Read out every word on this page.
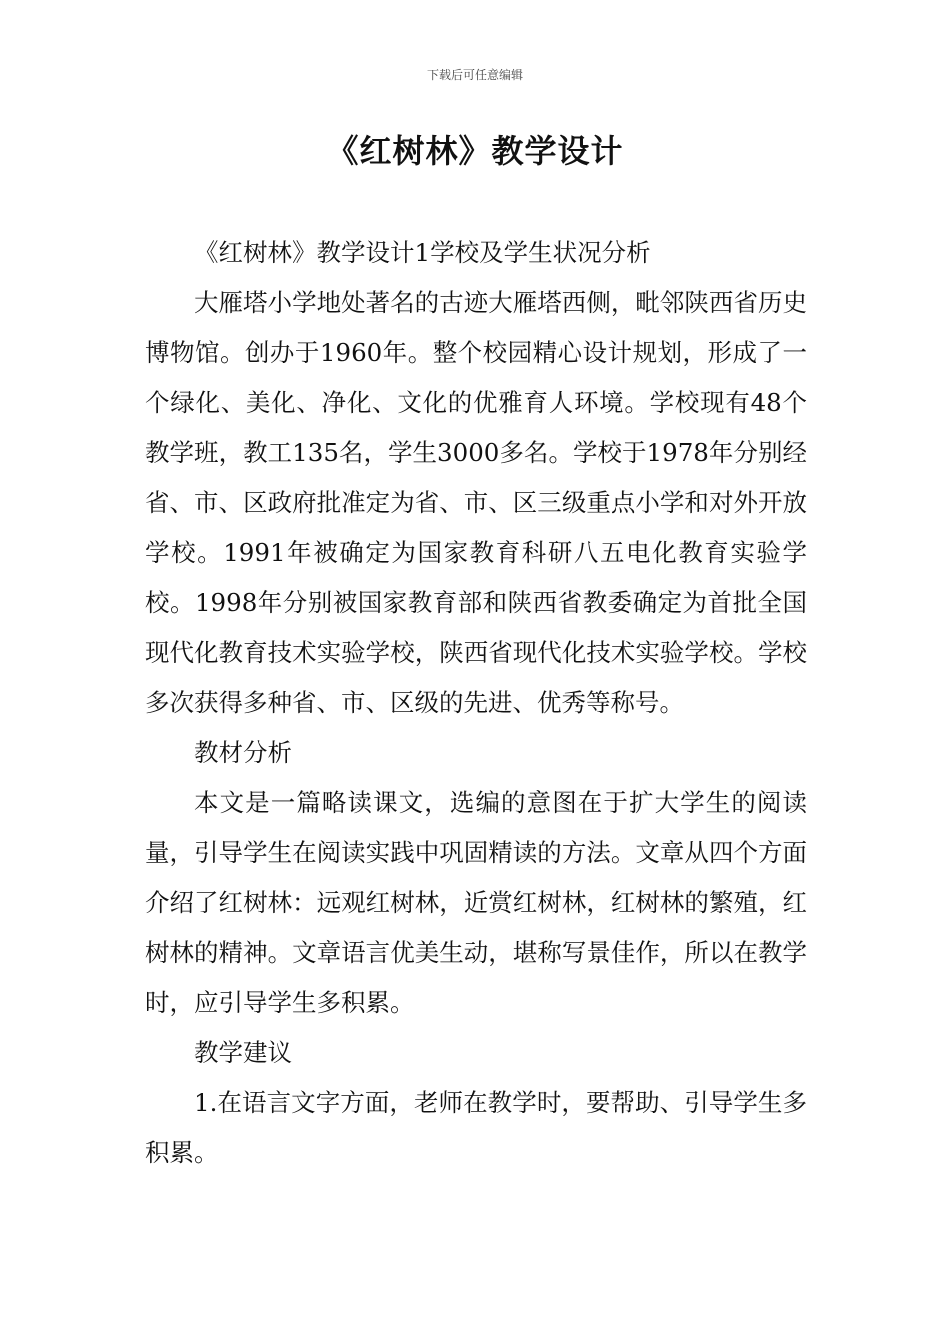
下载后可任意编辑
《红树林》教学设计

《红树林》教学设计1学校及学生状况分析

大雁塔小学地处著名的古迹大雁塔西侧，毗邻陕西省历史博物馆。创办于1960年。整个校园精心设计规划，形成了一个绿化、美化、净化、文化的优雅育人环境。学校现有48个教学班，教工135名，学生3000多名。学校于1978年分别经省、市、区政府批准定为省、市、区三级重点小学和对外开放学校。1991年被确定为国家教育科研八五电化教育实验学校。1998年分别被国家教育部和陕西省教委确定为首批全国现代化教育技术实验学校，陕西省现代化技术实验学校。学校多次获得多种省、市、区级的先进、优秀等称号。

教材分析

本文是一篇略读课文，选编的意图在于扩大学生的阅读量，引导学生在阅读实践中巩固精读的方法。文章从四个方面介绍了红树林：远观红树林，近赏红树林，红树林的繁殖，红树林的精神。文章语言优美生动，堪称写景佳作，所以在教学时，应引导学生多积累。

教学建议

1.在语言文字方面，老师在教学时，要帮助、引导学生多积累。
